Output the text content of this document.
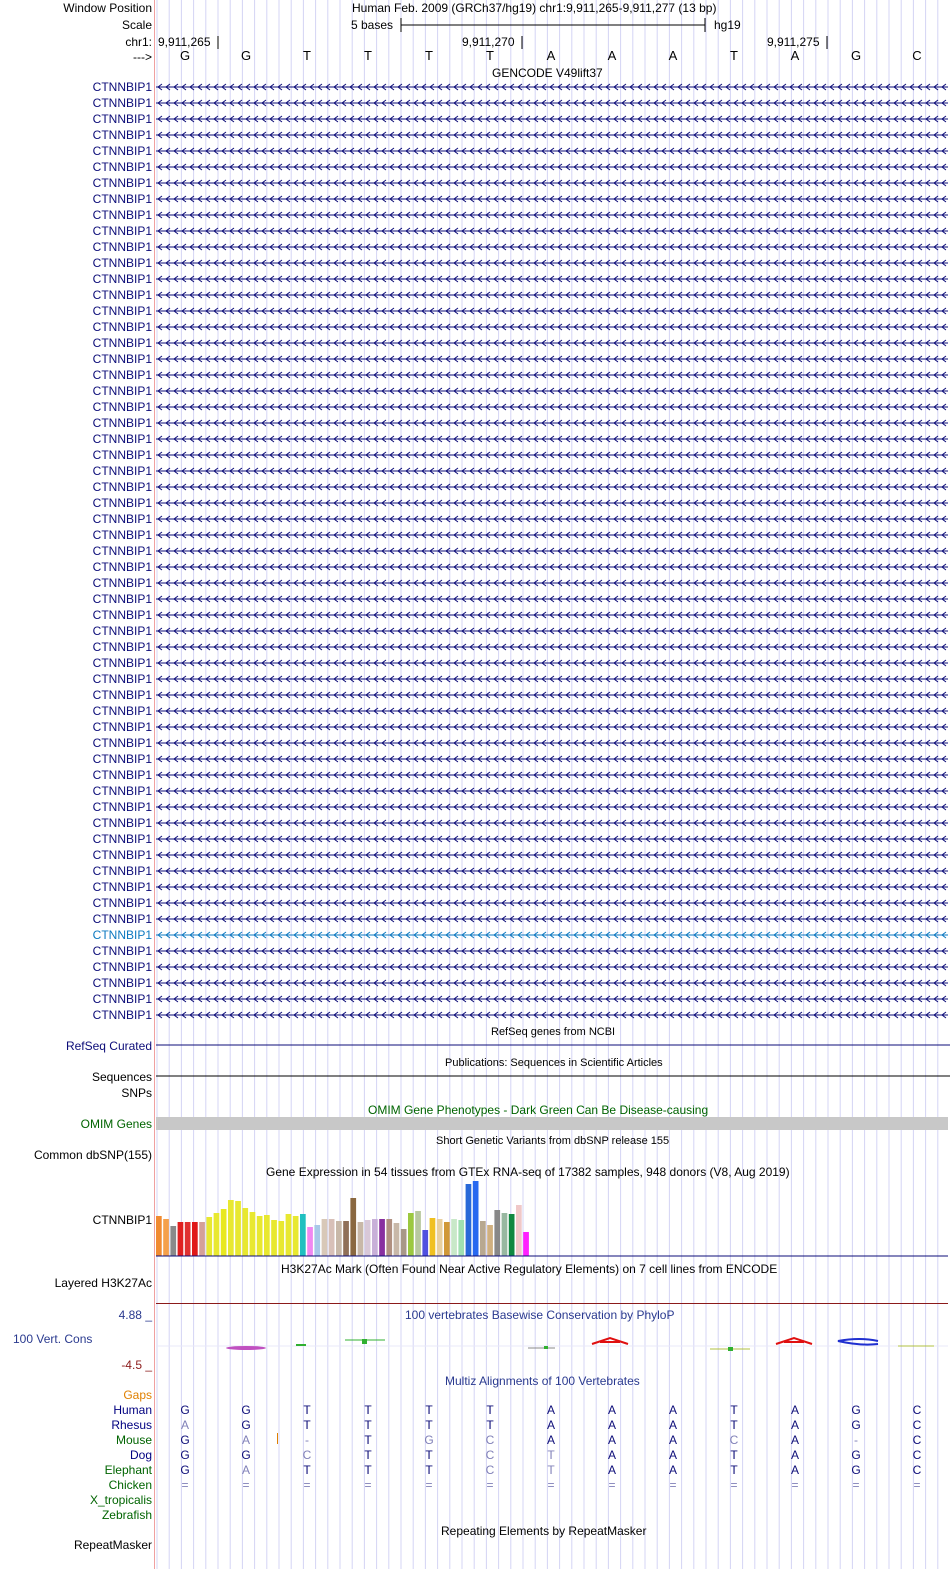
Window Position	Human Feb. 2009 (GRCh37/hg19) chr1:9,911,265-9,911,277 (13 bp)
Scale	5 bases	hg19
chr1: 9,911,265	9,911,270	9,911,275
--->	G	G	T	T	T	T	A	A	A	T	A	G	C
GENCODE V49lift37
CTNNBIP1
CTNNBIP1
CTNNBIP1
CTNNBIP1
CTNNBIP1
CTNNBIP1
CTNNBIP1
CTNNBIP1
CTNNBIP1
CTNNBIP1
CTNNBIP1
CTNNBIP1
CTNNBIP1
CTNNBIP1
CTNNBIP1
CTNNBIP1
CTNNBIP1
CTNNBIP1
CTNNBIP1
CTNNBIP1
CTNNBIP1
CTNNBIP1
CTNNBIP1
CTNNBIP1
CTNNBIP1
CTNNBIP1
CTNNBIP1
CTNNBIP1
CTNNBIP1
CTNNBIP1
CTNNBIP1
CTNNBIP1
CTNNBIP1
CTNNBIP1
CTNNBIP1
CTNNBIP1
CTNNBIP1
CTNNBIP1
CTNNBIP1
CTNNBIP1
CTNNBIP1
CTNNBIP1
CTNNBIP1
CTNNBIP1
CTNNBIP1
CTNNBIP1
CTNNBIP1
CTNNBIP1
CTNNBIP1
CTNNBIP1
CTNNBIP1
CTNNBIP1
CTNNBIP1
CTNNBIP1
CTNNBIP1
CTNNBIP1
CTNNBIP1
CTNNBIP1
CTNNBIP1
RefSeq genes from NCBI
RefSeq Curated
Publications: Sequences in Scientific Articles
Sequences
SNPs
OMIM Gene Phenotypes - Dark Green Can Be Disease-causing
OMIM Genes
Short Genetic Variants from dbSNP release 155
Common dbSNP(155)
Gene Expression in 54 tissues from GTEx RNA-seq of 17382 samples, 948 donors (V8, Aug 2019)
CTNNBIP1
H3K27Ac Mark (Often Found Near Active Regulatory Elements) on 7 cell lines from ENCODE
Layered H3K27Ac
100 vertebrates Basewise Conservation by PhyloP
4.88 _
100 Vert. Cons
-4.5 _
Multiz Alignments of 100 Vertebrates
Gaps
Human G	G	T	T	T	T	A	A	A	T	A	G	C
Rhesus	A	G	T	T	T	T	A	A	A	T	A	G	C
Mouse G	A	-	T	G	C	A	A	A	C	A	-	C
Dog G	G	C	T	T	C	T	A	A	T	A	G	C
Elephant G	A	T	T	T	C	T	A	A	T	A	G	C
Chicken	=	=	=	=	=	=	=	=	=	=	=	=	=
X_tropicalis
Zebrafish
Repeating Elements by RepeatMasker
RepeatMasker
